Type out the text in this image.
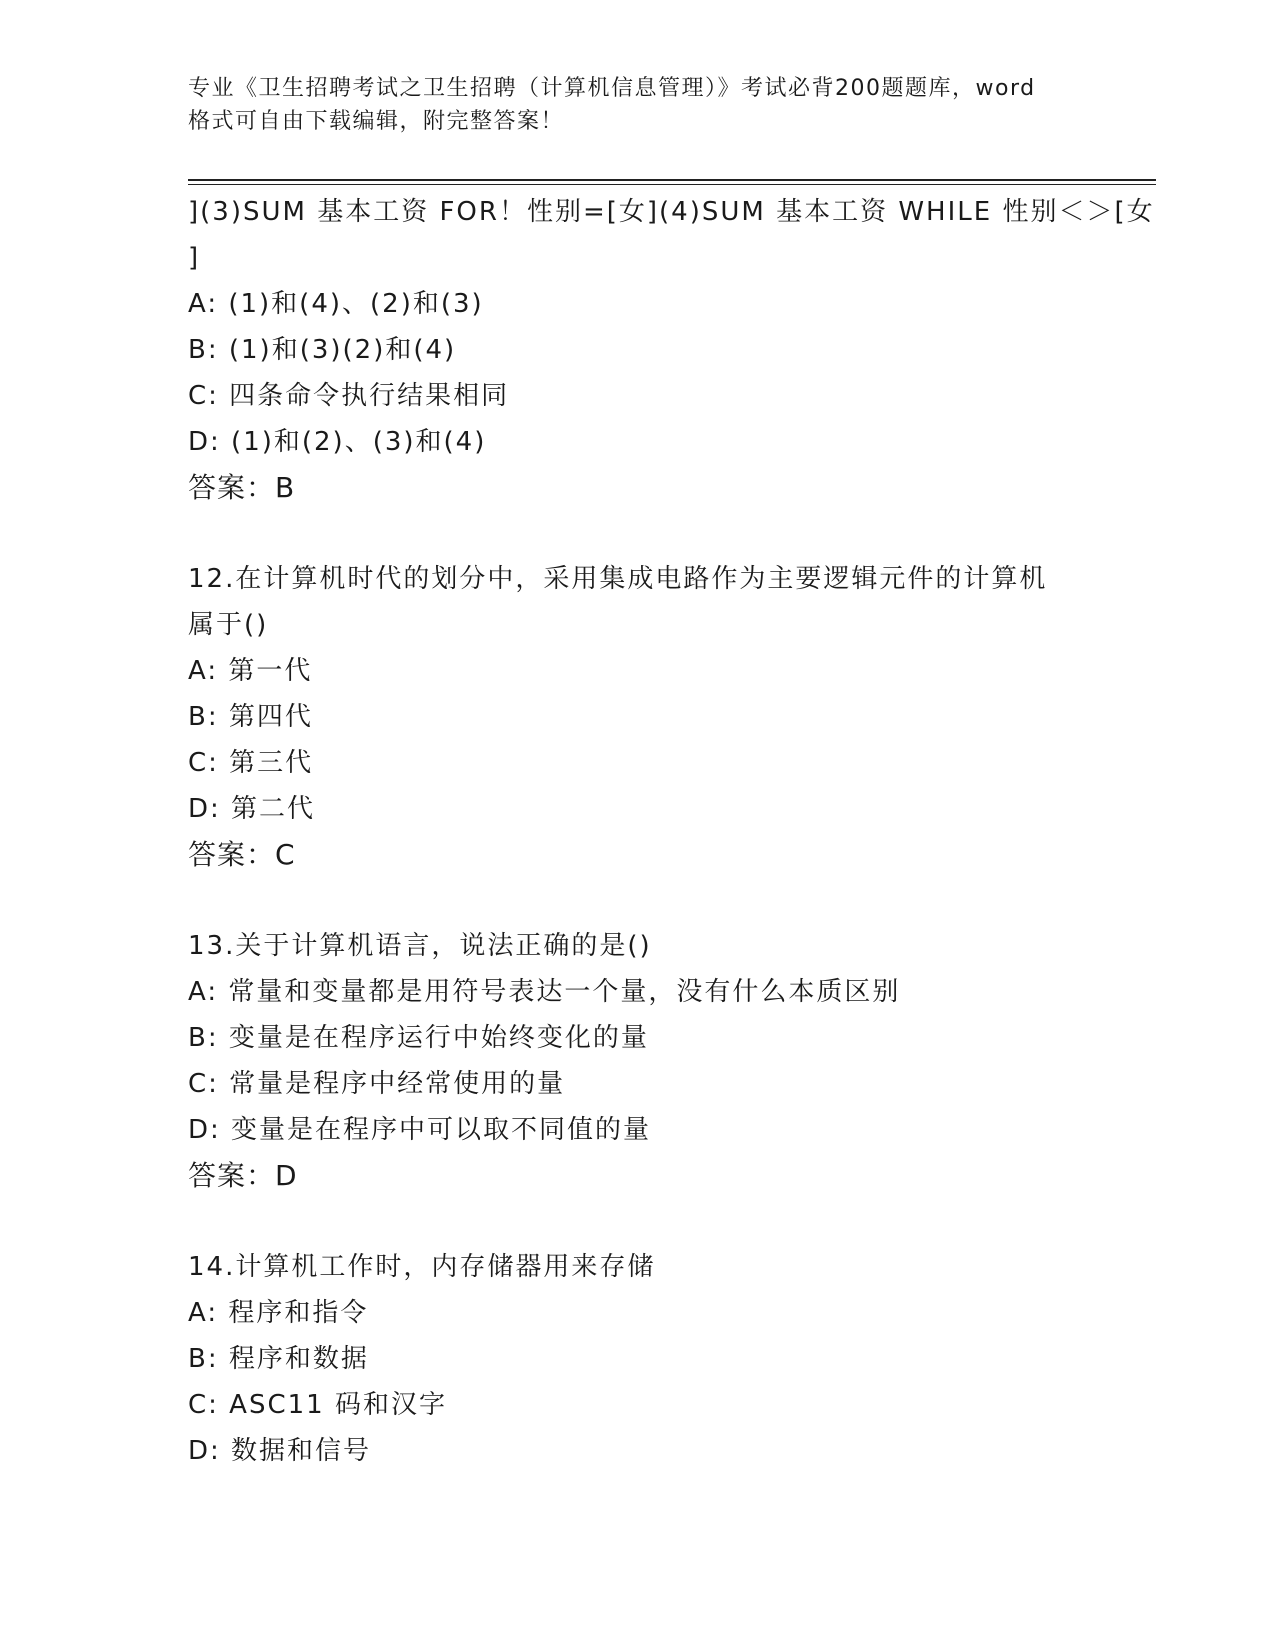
专业《卫生招聘考试之卫生招聘（计算机信息管理）》考试必背200题题库，word
格式可自由下载编辑，附完整答案！
](3)SUM 基本工资 FOR！性别=[女](4)SUM 基本工资 WHILE 性别＜＞[女
]
A: (1)和(4)、(2)和(3)
B: (1)和(3)(2)和(4)
C: 四条命令执行结果相同
D: (1)和(2)、(3)和(4)
答案：B
12.在计算机时代的划分中，采用集成电路作为主要逻辑元件的计算机
属于()
A: 第一代
B: 第四代
C: 第三代
D: 第二代
答案：C
13.关于计算机语言，说法正确的是()
A: 常量和变量都是用符号表达一个量，没有什么本质区别
B: 变量是在程序运行中始终变化的量
C: 常量是程序中经常使用的量
D: 变量是在程序中可以取不同值的量
答案：D
14.计算机工作时，内存储器用来存储
A: 程序和指令
B: 程序和数据
C: ASC11 码和汉字
D: 数据和信号
